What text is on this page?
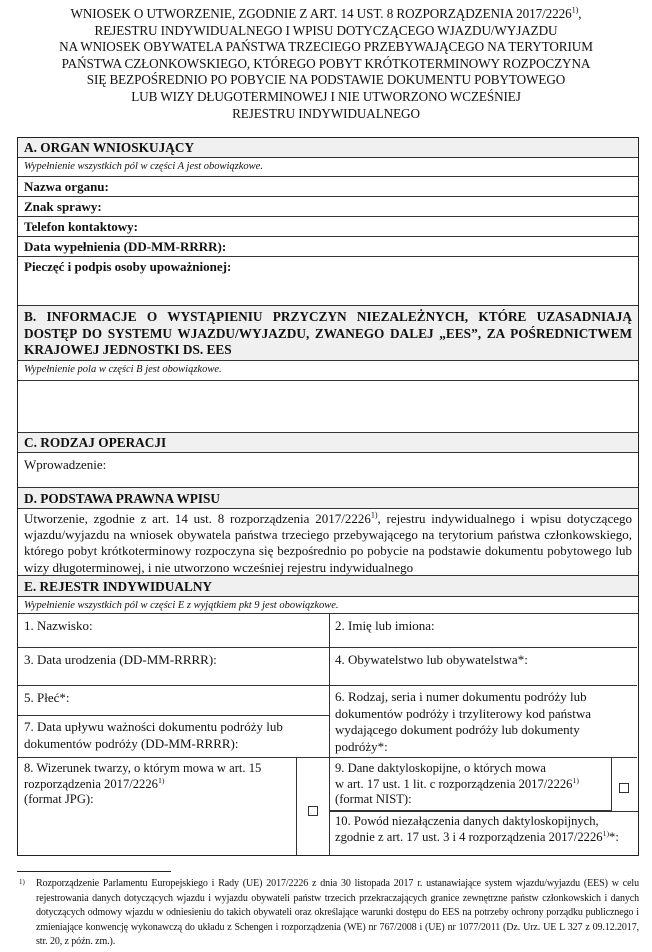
WNIOSEK O UTWORZENIE, ZGODNIE Z ART. 14 UST. 8 ROZPORZĄDZENIA 2017/2226$^{1)}$,
REJESTRU INDYWIDUALNEGO I WPISU DOTYCZĄCEGO WJAZDU/WYJAZDU
NA WNIOSEK OBYWATELA PAŃSTWA TRZECIEGO PRZEBYWAJĄCEGO NA TERYTORIUM
PAŃSTWA CZŁONKOWSKIEGO, KTÓREGO POBYT KRÓTKOTERMINOWY ROZPOCZYNA
SIĘ BEZPOŚREDNIO PO POBYCIE NA PODSTAWIE DOKUMENTU POBYTOWEGO
LUB WIZY DŁUGOTERMINOWEJ I NIE UTWORZONO WCZEŚNIEJ
REJESTRU INDYWIDUALNEGO
A. ORGAN WNIOSKUJĄCY
Wypełnienie wszystkich pól w części A jest obowiązkowe.
Nazwa organu:
Znak sprawy:
Telefon kontaktowy:
Data wypełnienia (DD-MM-RRRR):
Pieczęć i podpis osoby upoważnionej:
B. INFORMACJE O WYSTĄPIENIU PRZYCZYN NIEZALEŻNYCH, KTÓRE UZASADNIAJĄ
DOSTĘP DO SYSTEMU WJAZDU/WYJAZDU, ZWANEGO DALEJ „EES”, ZA POŚREDNICTWEM
KRAJOWEJ JEDNOSTKI DS. EES
Wypełnienie pola w części B jest obowiązkowe.
C. RODZAJ OPERACJI
Wprowadzenie:
D. PODSTAWA PRAWNA WPISU
Utworzenie, zgodnie z art. 14 ust. 8 rozporządzenia 2017/2226$^{1)}$, rejestru indywidualnego i wpisu dotyczącego wjazdu/wyjazdu na wniosek obywatela państwa trzeciego przebywającego na terytorium państwa członkowskiego, którego pobyt krótkoterminowy rozpoczyna się bezpośrednio po pobycie na podstawie dokumentu pobytowego lub wizy długoterminowej, i nie utworzono wcześniej rejestru indywidualnego
E. REJESTR INDYWIDUALNY
Wypełnienie wszystkich pól w części E z wyjątkiem pkt 9 jest obowiązkowe.
1. Nazwisko:	2. Imię lub imiona:
3. Data urodzenia (DD-MM-RRRR):	4. Obywatelstwo lub obywatelstwa*:
5. Płeć*:
7. Data upływu ważności dokumentu podróży lub dokumentów podróży (DD-MM-RRRR):
6. Rodzaj, seria i numer dokumentu podróży lub dokumentów podróży i trzyliterowy kod państwa wydającego dokument podróży lub dokumenty podróży*:
8. Wizerunek twarzy, o którym mowa w art. 15
rozporządzenia 2017/2226$^{1)}$
(format JPG):
9. Dane daktyloskopijne, o których mowa
w art. 17 ust. 1 lit. c rozporządzenia 2017/2226$^{1)}$
(format NIST):
10. Powód niezałączenia danych daktyloskopijnych,
zgodnie z art. 17 ust. 3 i 4 rozporządzenia 2017/2226$^{1)}$*:
1) Rozporządzenie Parlamentu Europejskiego i Rady (UE) 2017/2226 z dnia 30 listopada 2017 r. ustanawiające system wjazdu/wyjazdu (EES) w celu rejestrowania danych dotyczących wjazdu i wyjazdu obywateli państw trzecich przekraczających granice zewnętrzne państw członkowskich i danych dotyczących odmowy wjazdu w odniesieniu do takich obywateli oraz określające warunki dostępu do EES na potrzeby ochrony porządku publicznego i zmieniające konwencję wykonawczą do układu z Schengen i rozporządzenia (WE) nr 767/2008 i (UE) nr 1077/2011 (Dz. Urz. UE L 327 z 09.12.2017, str. 20, z późn. zm.).
